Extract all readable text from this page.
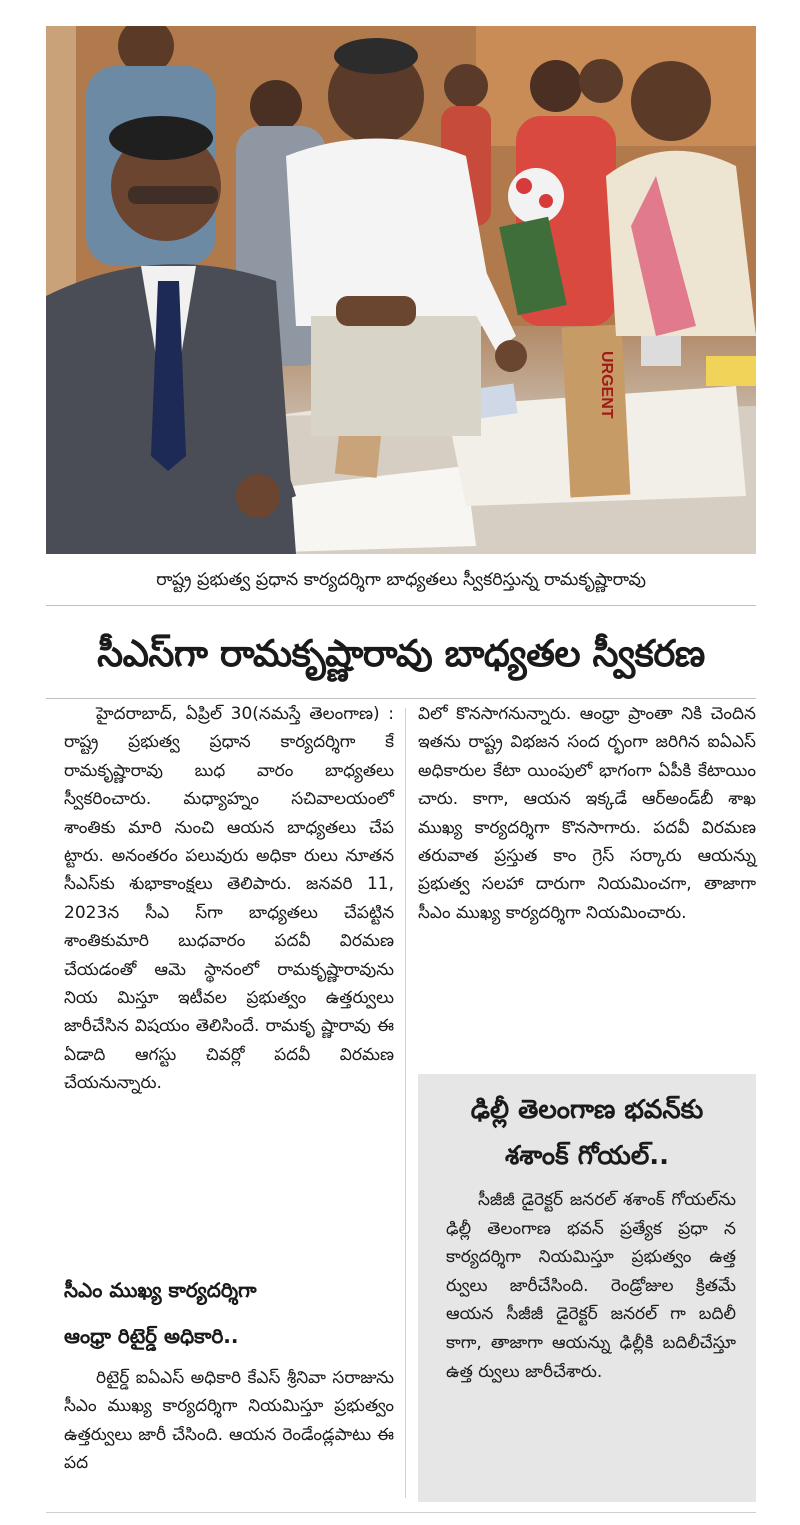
URGENT
రాష్ట్ర ప్రభుత్వ ప్రధాన కార్యదర్శిగా బాధ్యతలు స్వీకరిస్తున్న రామకృష్ణారావు
సీఎస్‌గా రామకృష్ణారావు బాధ్యతల స్వీకరణ

హైదరాబాద్, ఏప్రిల్ 30(నమస్తే తెలంగాణ) : రాష్ట్ర ప్రభుత్వ ప్రధాన కార్యదర్శిగా కే రామకృష్ణారావు బుధ వారం బాధ్యతలు స్వీకరించారు. మధ్యాహ్నం సచివాలయంలో శాంతికు మారి నుంచి ఆయన బాధ్యతలు చేప ట్టారు. అనంతరం పలువురు అధికా రులు నూతన సీఎస్‌కు శుభాకాంక్షలు తెలిపారు. జనవరి 11, 2023న సీఎ స్‌గా బాధ్యతలు చేపట్టిన శాంతికుమారి బుధవారం పదవీ విరమణ చేయడంతో ఆమె స్థానంలో రామకృష్ణారావును నియ మిస్తూ ఇటీవల ప్రభుత్వం ఉత్తర్వులు జారీచేసిన విషయం తెలిసిందే. రామకృ ష్ణారావు ఈ ఏడాది ఆగస్టు చివర్లో పదవీ విరమణ చేయనున్నారు.

సీఎం ముఖ్య కార్యదర్శిగా
ఆంధ్రా రిటైర్డ్ అధికారి..

రిటైర్డ్ ఐఏఎస్ అధికారి కేఎస్ శ్రీనివా సరాజును సీఎం ముఖ్య కార్యదర్శిగా నియమిస్తూ ప్రభుత్వం ఉత్తర్వులు జారీ చేసింది. ఆయన రెండేండ్లపాటు ఈ పద

విలో కొనసాగనున్నారు. ఆంధ్రా ప్రాంతా నికి చెందిన ఇతను రాష్ట్ర విభజన సంద ర్భంగా జరిగిన ఐఏఎస్ అధికారుల కేటా యింపులో భాగంగా ఏపీకి కేటాయిం చారు. కాగా, ఆయన ఇక్కడే ఆర్‌అండ్‌బీ శాఖ ముఖ్య కార్యదర్శిగా కొనసాగారు. పదవీ విరమణ తరువాత ప్రస్తుత కాం గ్రెస్ సర్కారు ఆయన్ను ప్రభుత్వ సలహా దారుగా నియమించగా, తాజాగా సీఎం ముఖ్య కార్యదర్శిగా నియమించారు.

ఢిల్లీ తెలంగాణ భవన్‌కు
శశాంక్ గోయల్..

సీజీజీ డైరెక్టర్ జనరల్ శశాంక్ గోయల్‌ను ఢిల్లీ తెలంగాణ భవన్ ప్రత్యేక ప్రధా న కార్యదర్శిగా నియమిస్తూ ప్రభుత్వం ఉత్త ర్వులు జారీచేసింది. రెండ్రోజుల క్రితమే ఆయన సీజీజీ డైరెక్టర్ జనరల్ గా బదిలీ కాగా, తాజాగా ఆయన్ను ఢిల్లీకి బదిలీచేస్తూ ఉత్త ర్వులు జారీచేశారు.
